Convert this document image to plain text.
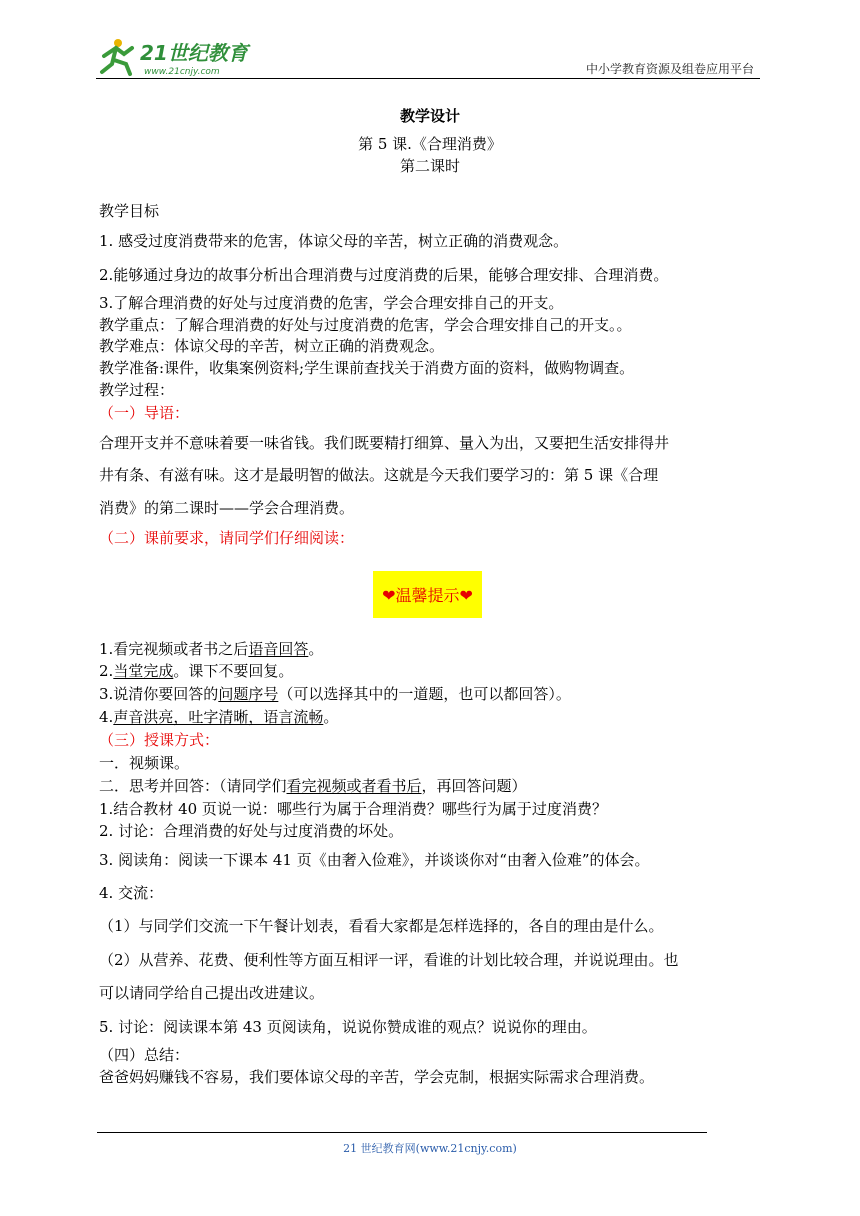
21世纪教育
www.21cnjy.com	中小学教育资源及组卷应用平台
教学设计
第 5 课.《合理消费》
第二课时
教学目标
1. 感受过度消费带来的危害，体谅父母的辛苦，树立正确的消费观念。
2.能够通过身边的故事分析出合理消费与过度消费的后果，能够合理安排、合理消费。
3.了解合理消费的好处与过度消费的危害，学会合理安排自己的开支。
教学重点：了解合理消费的好处与过度消费的危害，学会合理安排自己的开支。。
教学难点：体谅父母的辛苦，树立正确的消费观念。
教学准备:课件，收集案例资料;学生课前查找关于消费方面的资料，做购物调查。
教学过程：
（一）导语：
合理开支并不意味着要一味省钱。我们既要精打细算、量入为出，又要把生活安排得井
井有条、有滋有味。这才是最明智的做法。这就是今天我们要学习的：第 5 课《合理
消费》的第二课时——学会合理消费。
（二）课前要求，请同学们仔细阅读：
❤温馨提示❤
1.看完视频或者书之后语音回答。
2.当堂完成。课下不要回复。
3.说清你要回答的问题序号（可以选择其中的一道题，也可以都回答）。
4.声音洪亮，吐字清晰，语言流畅。
（三）授课方式：
一．视频课。
二．思考并回答：（请同学们看完视频或者看书后，再回答问题）
1.结合教材 40 页说一说：哪些行为属于合理消费？哪些行为属于过度消费？
2. 讨论：合理消费的好处与过度消费的坏处。
3. 阅读角：阅读一下课本 41 页《由奢入俭难》，并谈谈你对“由奢入俭难”的体会。
4. 交流：
（1）与同学们交流一下午餐计划表，看看大家都是怎样选择的，各自的理由是什么。
（2）从营养、花费、便利性等方面互相评一评，看谁的计划比较合理，并说说理由。也
可以请同学给自己提出改进建议。
5. 讨论：阅读课本第 43 页阅读角，说说你赞成谁的观点？说说你的理由。
（四）总结：
爸爸妈妈赚钱不容易，我们要体谅父母的辛苦，学会克制，根据实际需求合理消费。
21 世纪教育网(www.21cnjy.com)
